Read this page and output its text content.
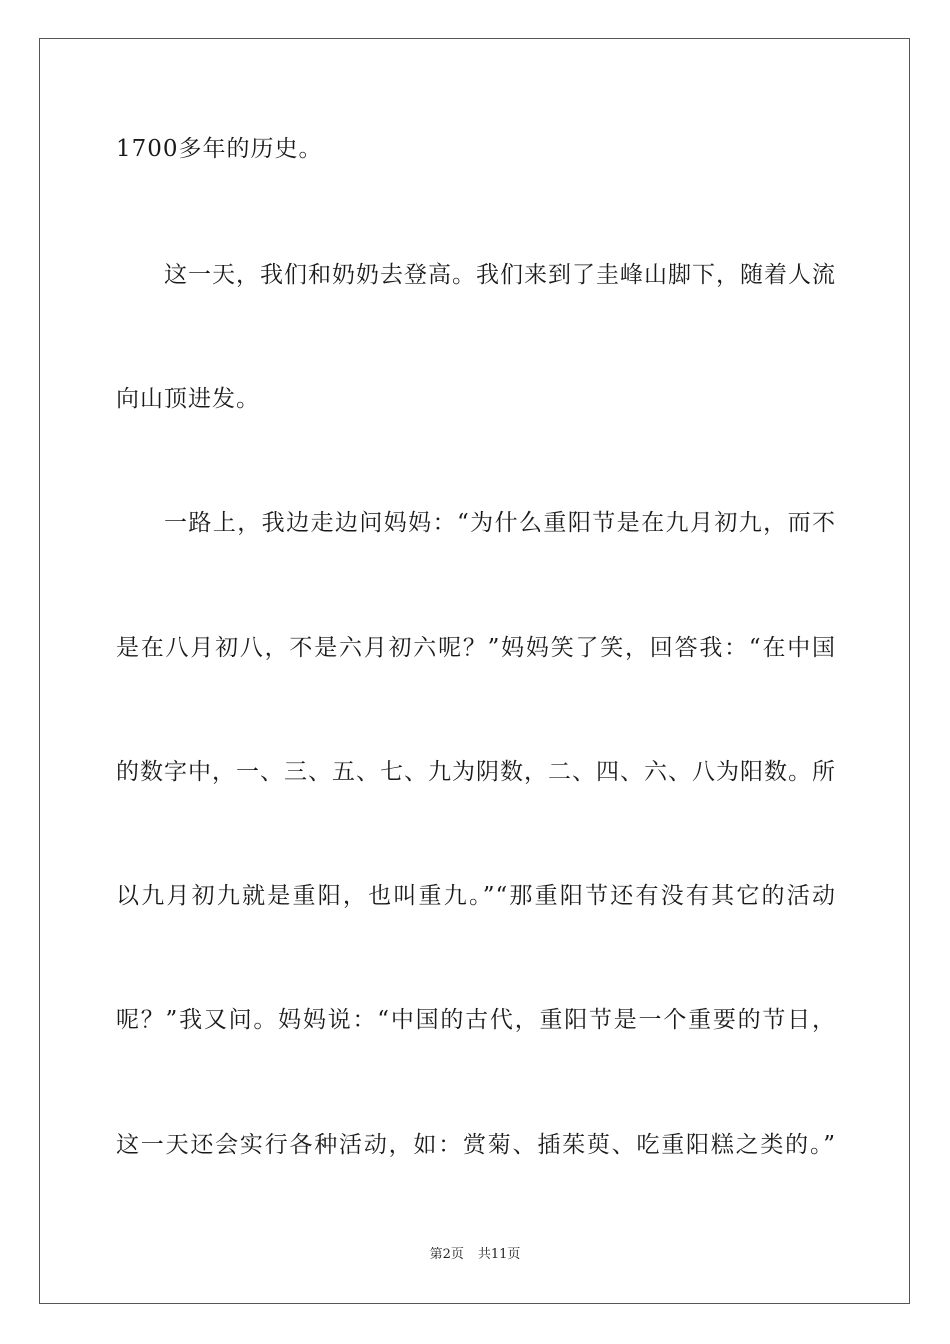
1700多年的历史。
这一天，我们和奶奶去登高。我们来到了圭峰山脚下，随着人流
向山顶进发。
一路上，我边走边问妈妈：“为什么重阳节是在九月初九，而不
是在八月初八，不是六月初六呢？”妈妈笑了笑，回答我：“在中国
的数字中，一、三、五、七、九为阴数，二、四、六、八为阳数。所
以九月初九就是重阳，也叫重九。”“那重阳节还有没有其它的活动
呢？”我又问。妈妈说：“中国的古代，重阳节是一个重要的节日，
这一天还会实行各种活动，如：赏菊、插茱萸、吃重阳糕之类的。”
第2页 共11页
